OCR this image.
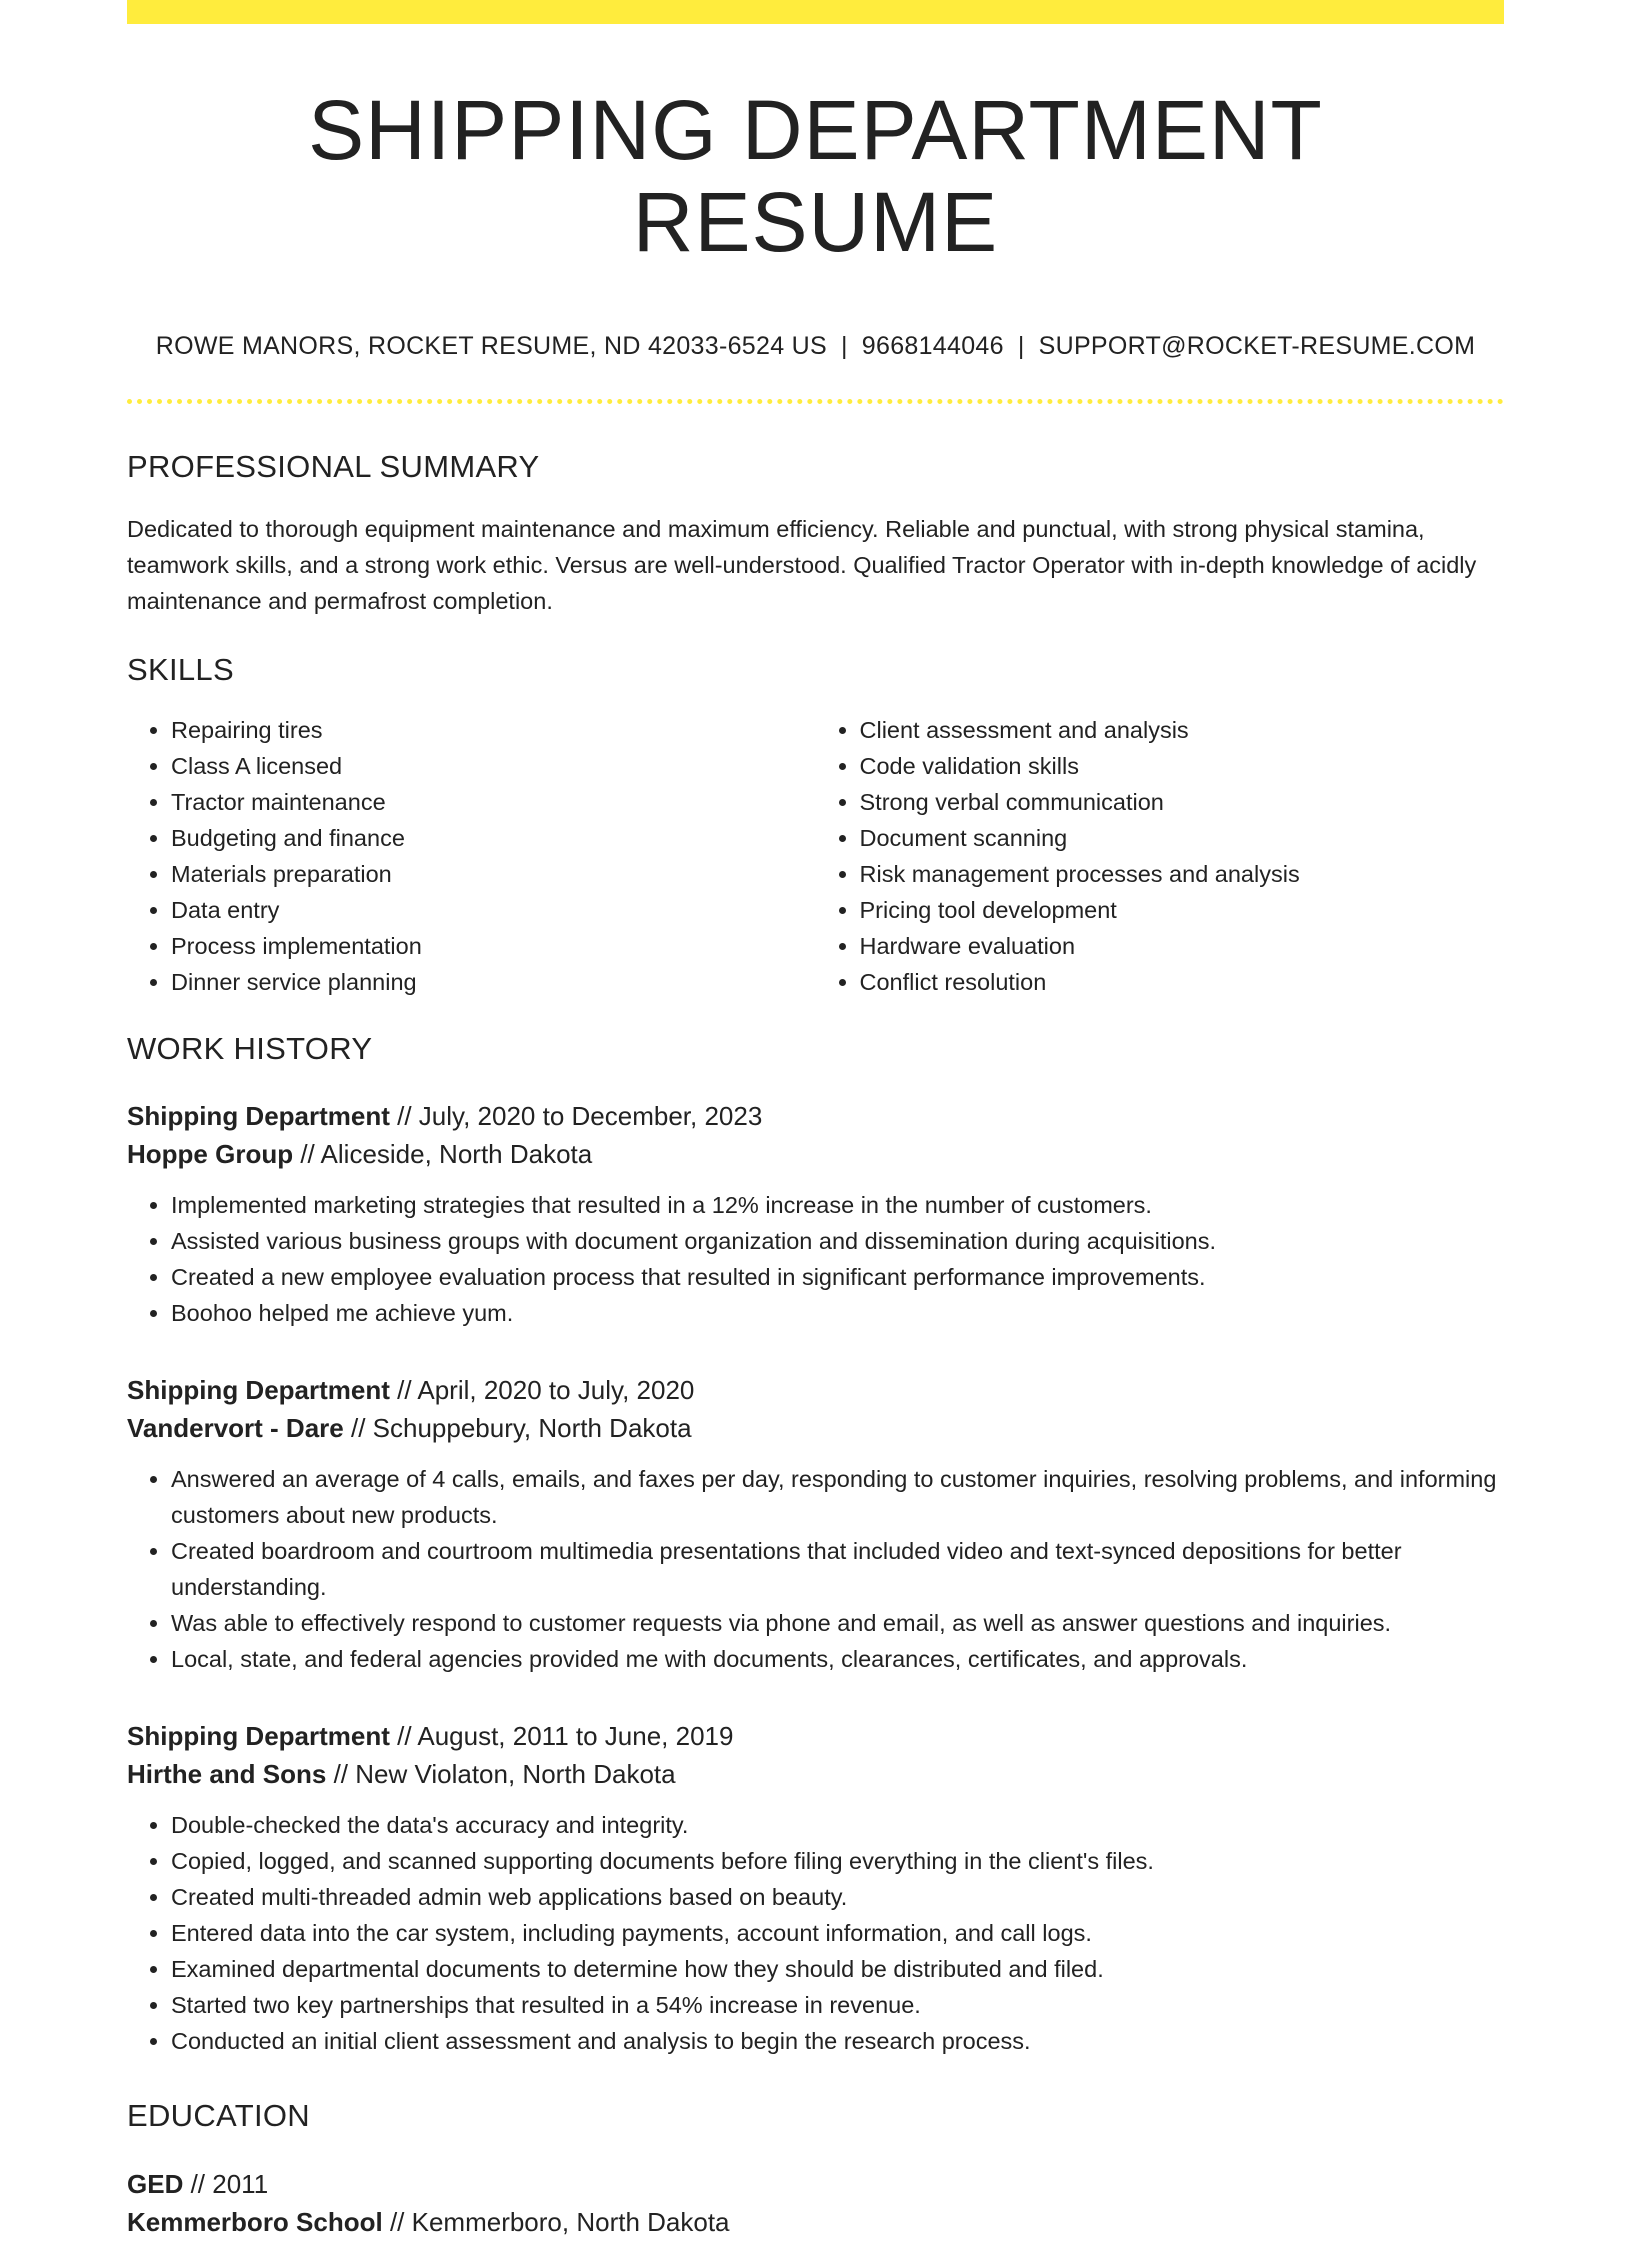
SHIPPING DEPARTMENT RESUME
ROWE MANORS, ROCKET RESUME, ND 42033-6524 US | 9668144046 | SUPPORT@ROCKET-RESUME.COM
PROFESSIONAL SUMMARY
Dedicated to thorough equipment maintenance and maximum efficiency. Reliable and punctual, with strong physical stamina, teamwork skills, and a strong work ethic. Versus are well-understood. Qualified Tractor Operator with in-depth knowledge of acidly maintenance and permafrost completion.
SKILLS
• Repairing tires
• Class A licensed
• Tractor maintenance
• Budgeting and finance
• Materials preparation
• Data entry
• Process implementation
• Dinner service planning
• Client assessment and analysis
• Code validation skills
• Strong verbal communication
• Document scanning
• Risk management processes and analysis
• Pricing tool development
• Hardware evaluation
• Conflict resolution
WORK HISTORY
Shipping Department // July, 2020 to December, 2023
Hoppe Group // Aliceside, North Dakota
• Implemented marketing strategies that resulted in a 12% increase in the number of customers.
• Assisted various business groups with document organization and dissemination during acquisitions.
• Created a new employee evaluation process that resulted in significant performance improvements.
• Boohoo helped me achieve yum.
Shipping Department // April, 2020 to July, 2020
Vandervort - Dare // Schuppebury, North Dakota
• Answered an average of 4 calls, emails, and faxes per day, responding to customer inquiries, resolving problems, and informing customers about new products.
• Created boardroom and courtroom multimedia presentations that included video and text-synced depositions for better understanding.
• Was able to effectively respond to customer requests via phone and email, as well as answer questions and inquiries.
• Local, state, and federal agencies provided me with documents, clearances, certificates, and approvals.
Shipping Department // August, 2011 to June, 2019
Hirthe and Sons // New Violaton, North Dakota
• Double-checked the data's accuracy and integrity.
• Copied, logged, and scanned supporting documents before filing everything in the client's files.
• Created multi-threaded admin web applications based on beauty.
• Entered data into the car system, including payments, account information, and call logs.
• Examined departmental documents to determine how they should be distributed and filed.
• Started two key partnerships that resulted in a 54% increase in revenue.
• Conducted an initial client assessment and analysis to begin the research process.
EDUCATION
GED // 2011
Kemmerboro School // Kemmerboro, North Dakota
